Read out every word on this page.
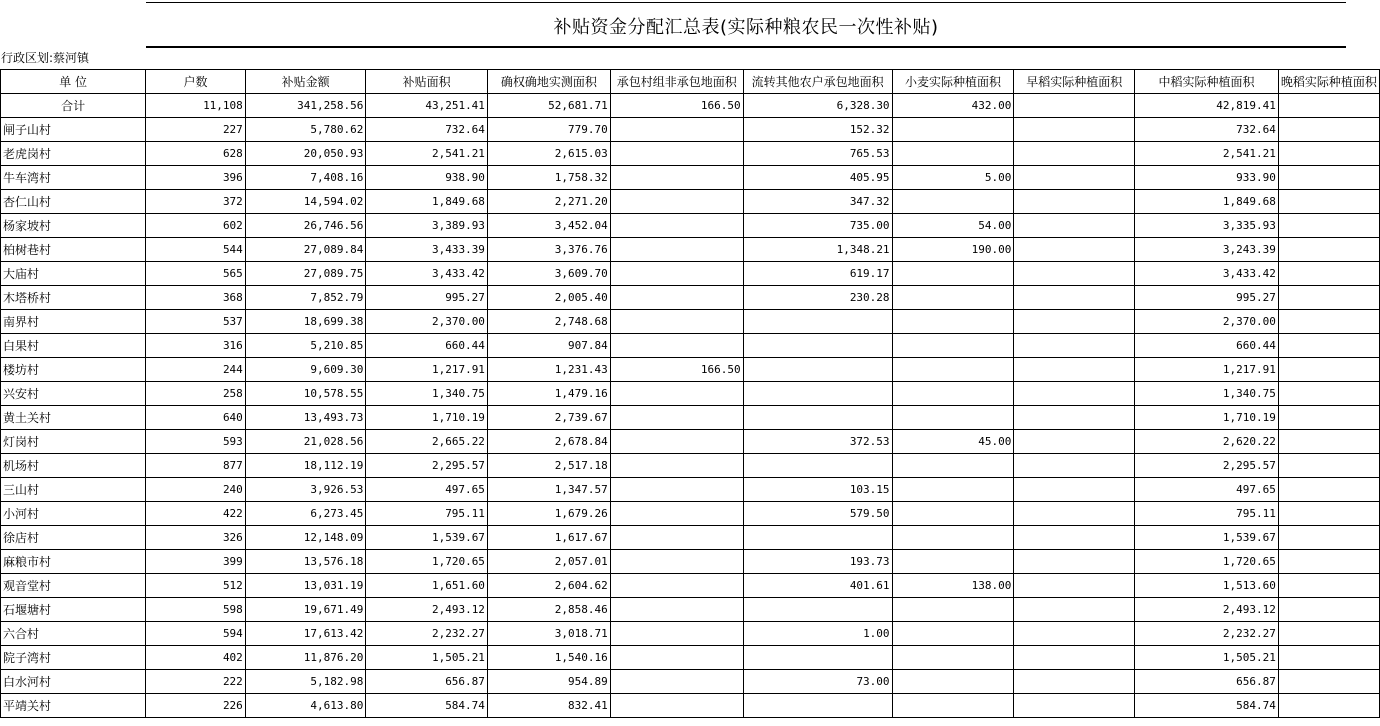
补贴资金分配汇总表(实际种粮农民一次性补贴)
行政区划:蔡河镇
单 位	户数	补贴金额	补贴面积	确权确地实测面积	承包村组非承包地面积	流转其他农户承包地面积	小麦实际种植面积	早稻实际种植面积	中稻实际种植面积	晚稻实际种植面积
合计	11,108	341,258.56	43,251.41	52,681.71	166.50	6,328.30	432.00		42,819.41	
闸子山村	227	5,780.62	732.64	779.70		152.32			732.64	
老虎岗村	628	20,050.93	2,541.21	2,615.03		765.53			2,541.21	
牛车湾村	396	7,408.16	938.90	1,758.32		405.95	5.00		933.90	
杏仁山村	372	14,594.02	1,849.68	2,271.20		347.32			1,849.68	
杨家坡村	602	26,746.56	3,389.93	3,452.04		735.00	54.00		3,335.93	
柏树巷村	544	27,089.84	3,433.39	3,376.76		1,348.21	190.00		3,243.39	
大庙村	565	27,089.75	3,433.42	3,609.70		619.17			3,433.42	
木塔桥村	368	7,852.79	995.27	2,005.40		230.28			995.27	
南界村	537	18,699.38	2,370.00	2,748.68					2,370.00	
白果村	316	5,210.85	660.44	907.84					660.44	
楼坊村	244	9,609.30	1,217.91	1,231.43	166.50				1,217.91	
兴安村	258	10,578.55	1,340.75	1,479.16					1,340.75	
黄土关村	640	13,493.73	1,710.19	2,739.67					1,710.19	
灯岗村	593	21,028.56	2,665.22	2,678.84		372.53	45.00		2,620.22	
机场村	877	18,112.19	2,295.57	2,517.18					2,295.57	
三山村	240	3,926.53	497.65	1,347.57		103.15			497.65	
小河村	422	6,273.45	795.11	1,679.26		579.50			795.11	
徐店村	326	12,148.09	1,539.67	1,617.67					1,539.67	
麻粮市村	399	13,576.18	1,720.65	2,057.01		193.73			1,720.65	
观音堂村	512	13,031.19	1,651.60	2,604.62		401.61	138.00		1,513.60	
石堰塘村	598	19,671.49	2,493.12	2,858.46					2,493.12	
六合村	594	17,613.42	2,232.27	3,018.71		1.00			2,232.27	
院子湾村	402	11,876.20	1,505.21	1,540.16					1,505.21	
白水河村	222	5,182.98	656.87	954.89		73.00			656.87	
平靖关村	226	4,613.80	584.74	832.41					584.74	
